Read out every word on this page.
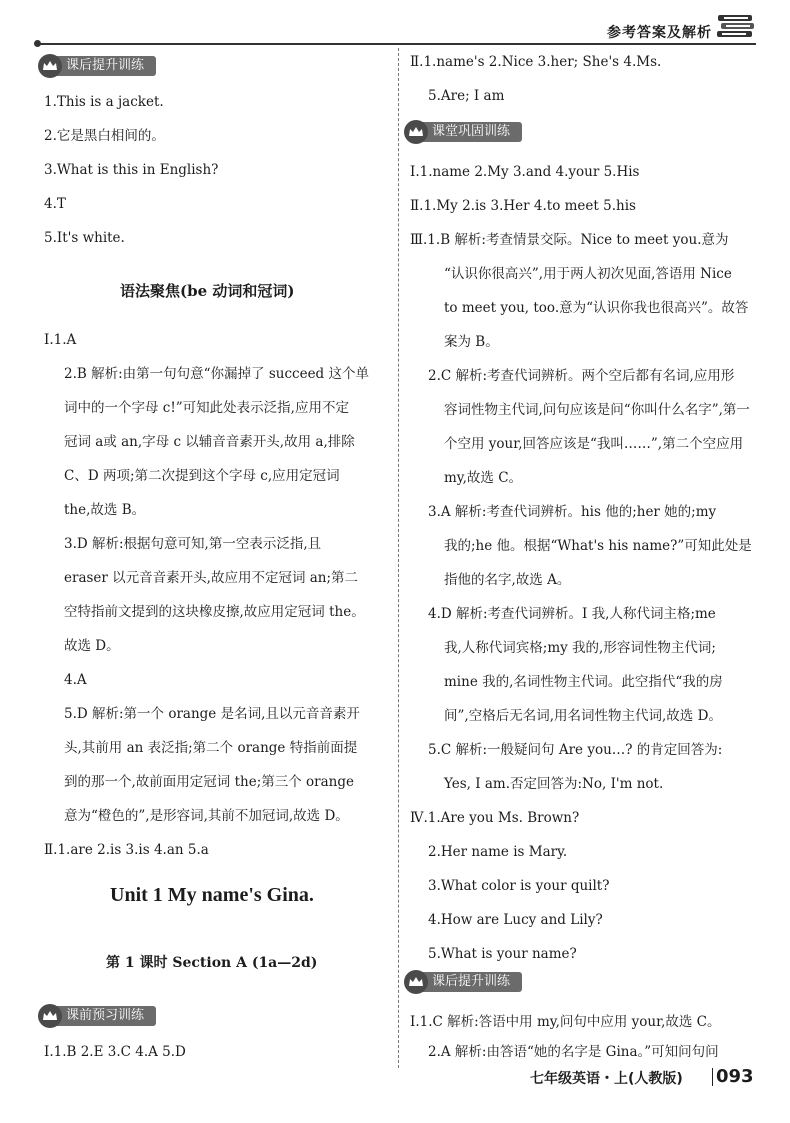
参考答案及解析
课后提升训练
1.This is a jacket.
2.它是黑白相间的。
3.What is this in English?
4.T
5.It's white.
语法聚焦(be 动词和冠词)
Ⅰ.1.A
2.B 解析:由第一句句意“你漏掉了 succeed 这个单
词中的一个字母 c!”可知此处表示泛指,应用不定
冠词 a或 an,字母 c 以辅音音素开头,故用 a,排除
C、D 两项;第二次提到这个字母 c,应用定冠词
the,故选 B。
3.D 解析:根据句意可知,第一空表示泛指,且
eraser 以元音音素开头,故应用不定冠词 an;第二
空特指前文提到的这块橡皮擦,故应用定冠词 the。
故选 D。
4.A
5.D 解析:第一个 orange 是名词,且以元音音素开
头,其前用 an 表泛指;第二个 orange 特指前面提
到的那一个,故前面用定冠词 the;第三个 orange
意为“橙色的”,是形容词,其前不加冠词,故选 D。
Ⅱ.1.are 2.is 3.is 4.an 5.a
Unit 1 My name's Gina.
第 1 课时 Section A (1a—2d)
课前预习训练
Ⅰ.1.B 2.E 3.C 4.A 5.D
Ⅱ.1.name's 2.Nice 3.her; She's 4.Ms.
5.Are; I am
课堂巩固训练
Ⅰ.1.name 2.My 3.and 4.your 5.His
Ⅱ.1.My 2.is 3.Her 4.to meet 5.his
Ⅲ.1.B 解析:考查情景交际。Nice to meet you.意为
“认识你很高兴”,用于两人初次见面,答语用 Nice
to meet you, too.意为“认识你我也很高兴”。故答
案为 B。
2.C 解析:考查代词辨析。两个空后都有名词,应用形
容词性物主代词,问句应该是问“你叫什么名字”,第一
个空用 your,回答应该是“我叫……”,第二个空应用
my,故选 C。
3.A 解析:考查代词辨析。his 他的;her 她的;my
我的;he 他。根据“What's his name?”可知此处是
指他的名字,故选 A。
4.D 解析:考查代词辨析。I 我,人称代词主格;me
我,人称代词宾格;my 我的,形容词性物主代词;
mine 我的,名词性物主代词。此空指代“我的房
间”,空格后无名词,用名词性物主代词,故选 D。
5.C 解析:一般疑问句 Are you…? 的肯定回答为:
Yes, I am.否定回答为:No, I'm not.
Ⅳ.1.Are you Ms. Brown?
2.Her name is Mary.
3.What color is your quilt?
4.How are Lucy and Lily?
5.What is your name?
课后提升训练
Ⅰ.1.C 解析:答语中用 my,问句中应用 your,故选 C。
2.A 解析:由答语“她的名字是 Gina。”可知问句问
七年级英语・上(人教版) 093
